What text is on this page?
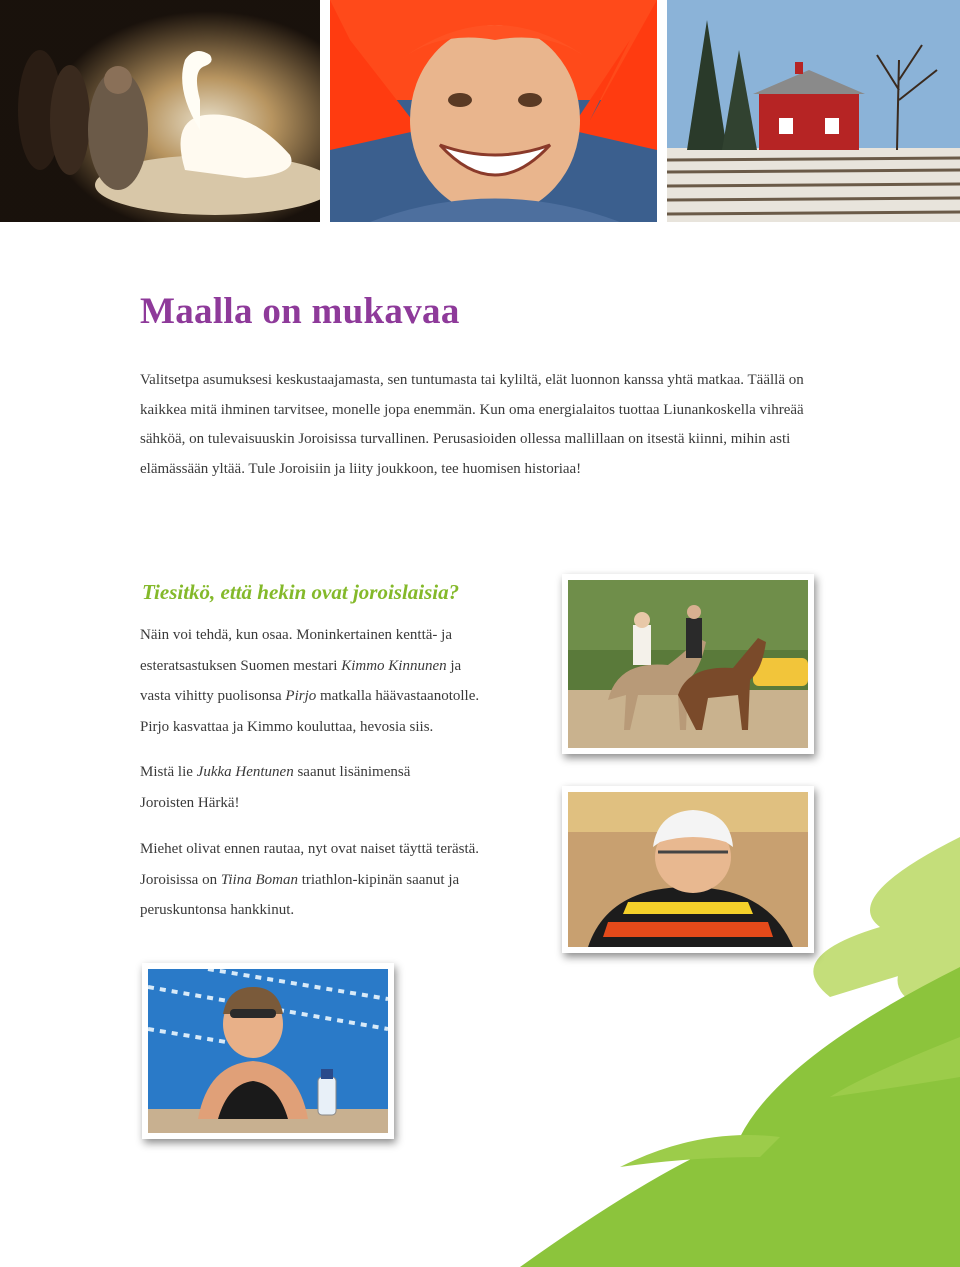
Maalla on mukavaa

Valitsetpa asumuksesi keskustaajamasta, sen tuntumasta tai kyliltä, elät luonnon kanssa yhtä matkaa. Täällä on kaikkea mitä ihminen tarvitsee, monelle jopa enemmän. Kun oma energialaitos tuottaa Liunankoskella vihreää sähköä, on tulevaisuuskin Joroisissa turvallinen. Perusasioiden ollessa mallillaan on itsestä kiinni, mihin asti elämässään yltää. Tule Joroisiin ja liity joukkoon, tee huomisen historiaa!

Tiesitkö, että hekin ovat joroislaisia?

Näin voi tehdä, kun osaa. Moninkertainen kenttä- ja esteratsastuksen Suomen mestari Kimmo Kinnunen ja vasta vihitty puolisonsa Pirjo matkalla häävastaanotolle. Pirjo kasvattaa ja Kimmo kouluttaa, hevosia siis.

Mistä lie Jukka Hentunen saanut lisänimensä Joroisten Härkä!

Miehet olivat ennen rautaa, nyt ovat naiset täyttä terästä. Joroisissa on Tiina Boman triathlon-kipinän saanut ja peruskuntonsa hankkinut.
